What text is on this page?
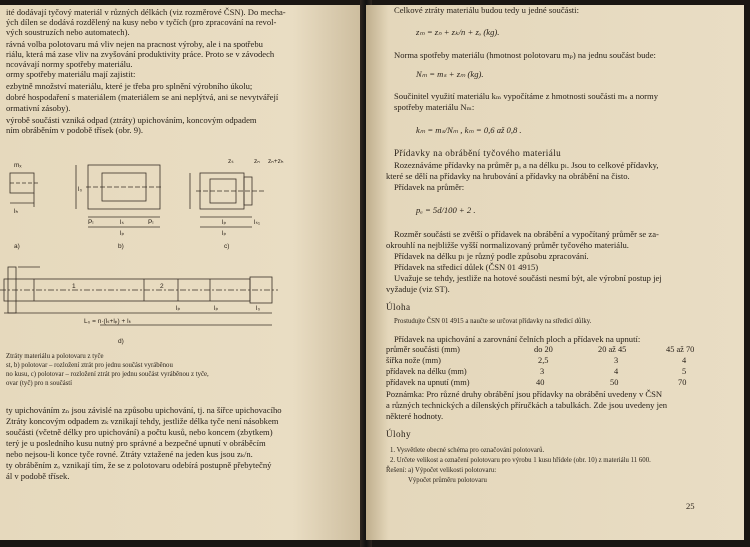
ité dodávají tyčový materiál v různých délkách (viz rozměrové ČSN). Do mecha-
ých dílen se dodává rozdělený na kusy nebo v tyčích (pro zpracování na revol-
vých soustruzích nebo automatech).
rávná volba polotovaru má vliv nejen na pracnost výroby, ale i na spotřebu
riálu, která má zase vliv na zvyšování produktivity práce. Proto se v závodech
ncovávají normy spotřeby materiálu.
ormy spotřeby materiálu mají zajistit:
ezbytně množství materiálu, které je třeba pro splnění výrobního úkolu;
dobré hospodaření s materiálem (materiálem se ani neplýtvá, ani se nevytvářejí
ormativní zásoby).
výrobě součásti vzniká odpad (ztráty) upichováním, koncovým odpadem
ním obráběním v podobě třísek (obr. 9).
mₓ
zₛ	zₙ zₙ+zₕ
l₀
Pₗ	lₛ	Pₗ
lₕ
lₚ
lₚ	lₛ₁
lₚ
lₚ	lₚ	l₀
1	2
L₀ = n·(lₛ+lₚ) + lₖ
a)	b)	c)
d)
Ztráty materiálu a polotovaru z tyče
st, b) polotovar – rozložení ztrát pro jednu součást vyráběnou
no kusu, c) polotovar – rozložení ztrát pro jednu součást vyráběnou z tyče,
ovar (tyč) pro n součástí
ty upichováním zₙ jsou závislé na způsobu upichování, tj. na šířce upichovacího
Ztráty koncovým odpadem zₖ vznikají tehdy, jestliže délka tyče není násobkem
součásti (včetně délky pro upichování) a počtu kusů, nebo koncem (zbytkem)
terý je u posledního kusu nutný pro správné a bezpečné upnutí v obráběcím
nebo nejsou-li konce tyče rovné. Ztráty vztažené na jeden kus jsou zₖ/n.
ty obráběním zₒ vznikají tím, že se z polotovaru odebírá postupně přebytečný
ál v podobě třísek.
Celkové ztráty materiálu budou tedy u jedné součásti:
zₘ = zₙ + zₖ/n + zₒ (kg).
Norma spotřeby materiálu (hmotnost polotovaru mₚ) na jednu součást bude:
Nₘ = mₛ + zₘ (kg).
Součinitel využití materiálu kₘ vypočítáme z hmotnosti součásti mₛ a normy
spotřeby materiálu Nₘ:
kₘ = mₛ/Nₘ , kₘ = 0,6 až 0,8 .
Přídavky na obrábění tyčového materiálu
Rozeznáváme přídavky na průměr pₐ a na délku pₗ. Jsou to celkové přídavky,
které se dělí na přídavky na hrubování a přídavky na obrábění na čisto.
Přídavek na průměr:
pₐ = 5d/100 + 2 .
Rozměr součásti se zvětší o přídavek na obrábění a vypočítaný průměr se za-
okrouhlí na nejbližše vyšší normalizovaný průměr tyčového materiálu.
Přídavek na délku pₗ je různý podle způsobu zpracování.
Přídavek na středicí důlek (ČSN 01 4915)
Uvažuje se tehdy, jestliže na hotové součásti nesmí být, ale výrobní postup jej
vyžaduje (viz ST).
Úloha
Prostudujte ČSN 01 4915 a naučte se určovat přídavky na středicí důlky.
Přídavek na upichování a zarovnání čelních ploch a přídavek na upnutí:
průměr součásti (mm)	do 20	20 až 45	45 až 70
šířka nože (mm)	2,5	3	4
přídavek na délku (mm)	3	4	5
přídavek na upnutí (mm)	40	50	70
Poznámka: Pro různé druhy obrábění jsou přídavky na obrábění uvedeny v ČSN
a různých technických a dílenských příručkách a tabulkách. Zde jsou uvedeny jen
některé hodnoty.
Úlohy
1. Vysvětlete obecné schéma pro označování polotovarů.
2. Určete velikost a označení polotovaru pro výrobu 1 kusu hřídele (obr. 10) z materiálu 11 600.
Řešení: a) Výpočet velikosti polotovaru:
Výpočet průměru polotovaru
25
